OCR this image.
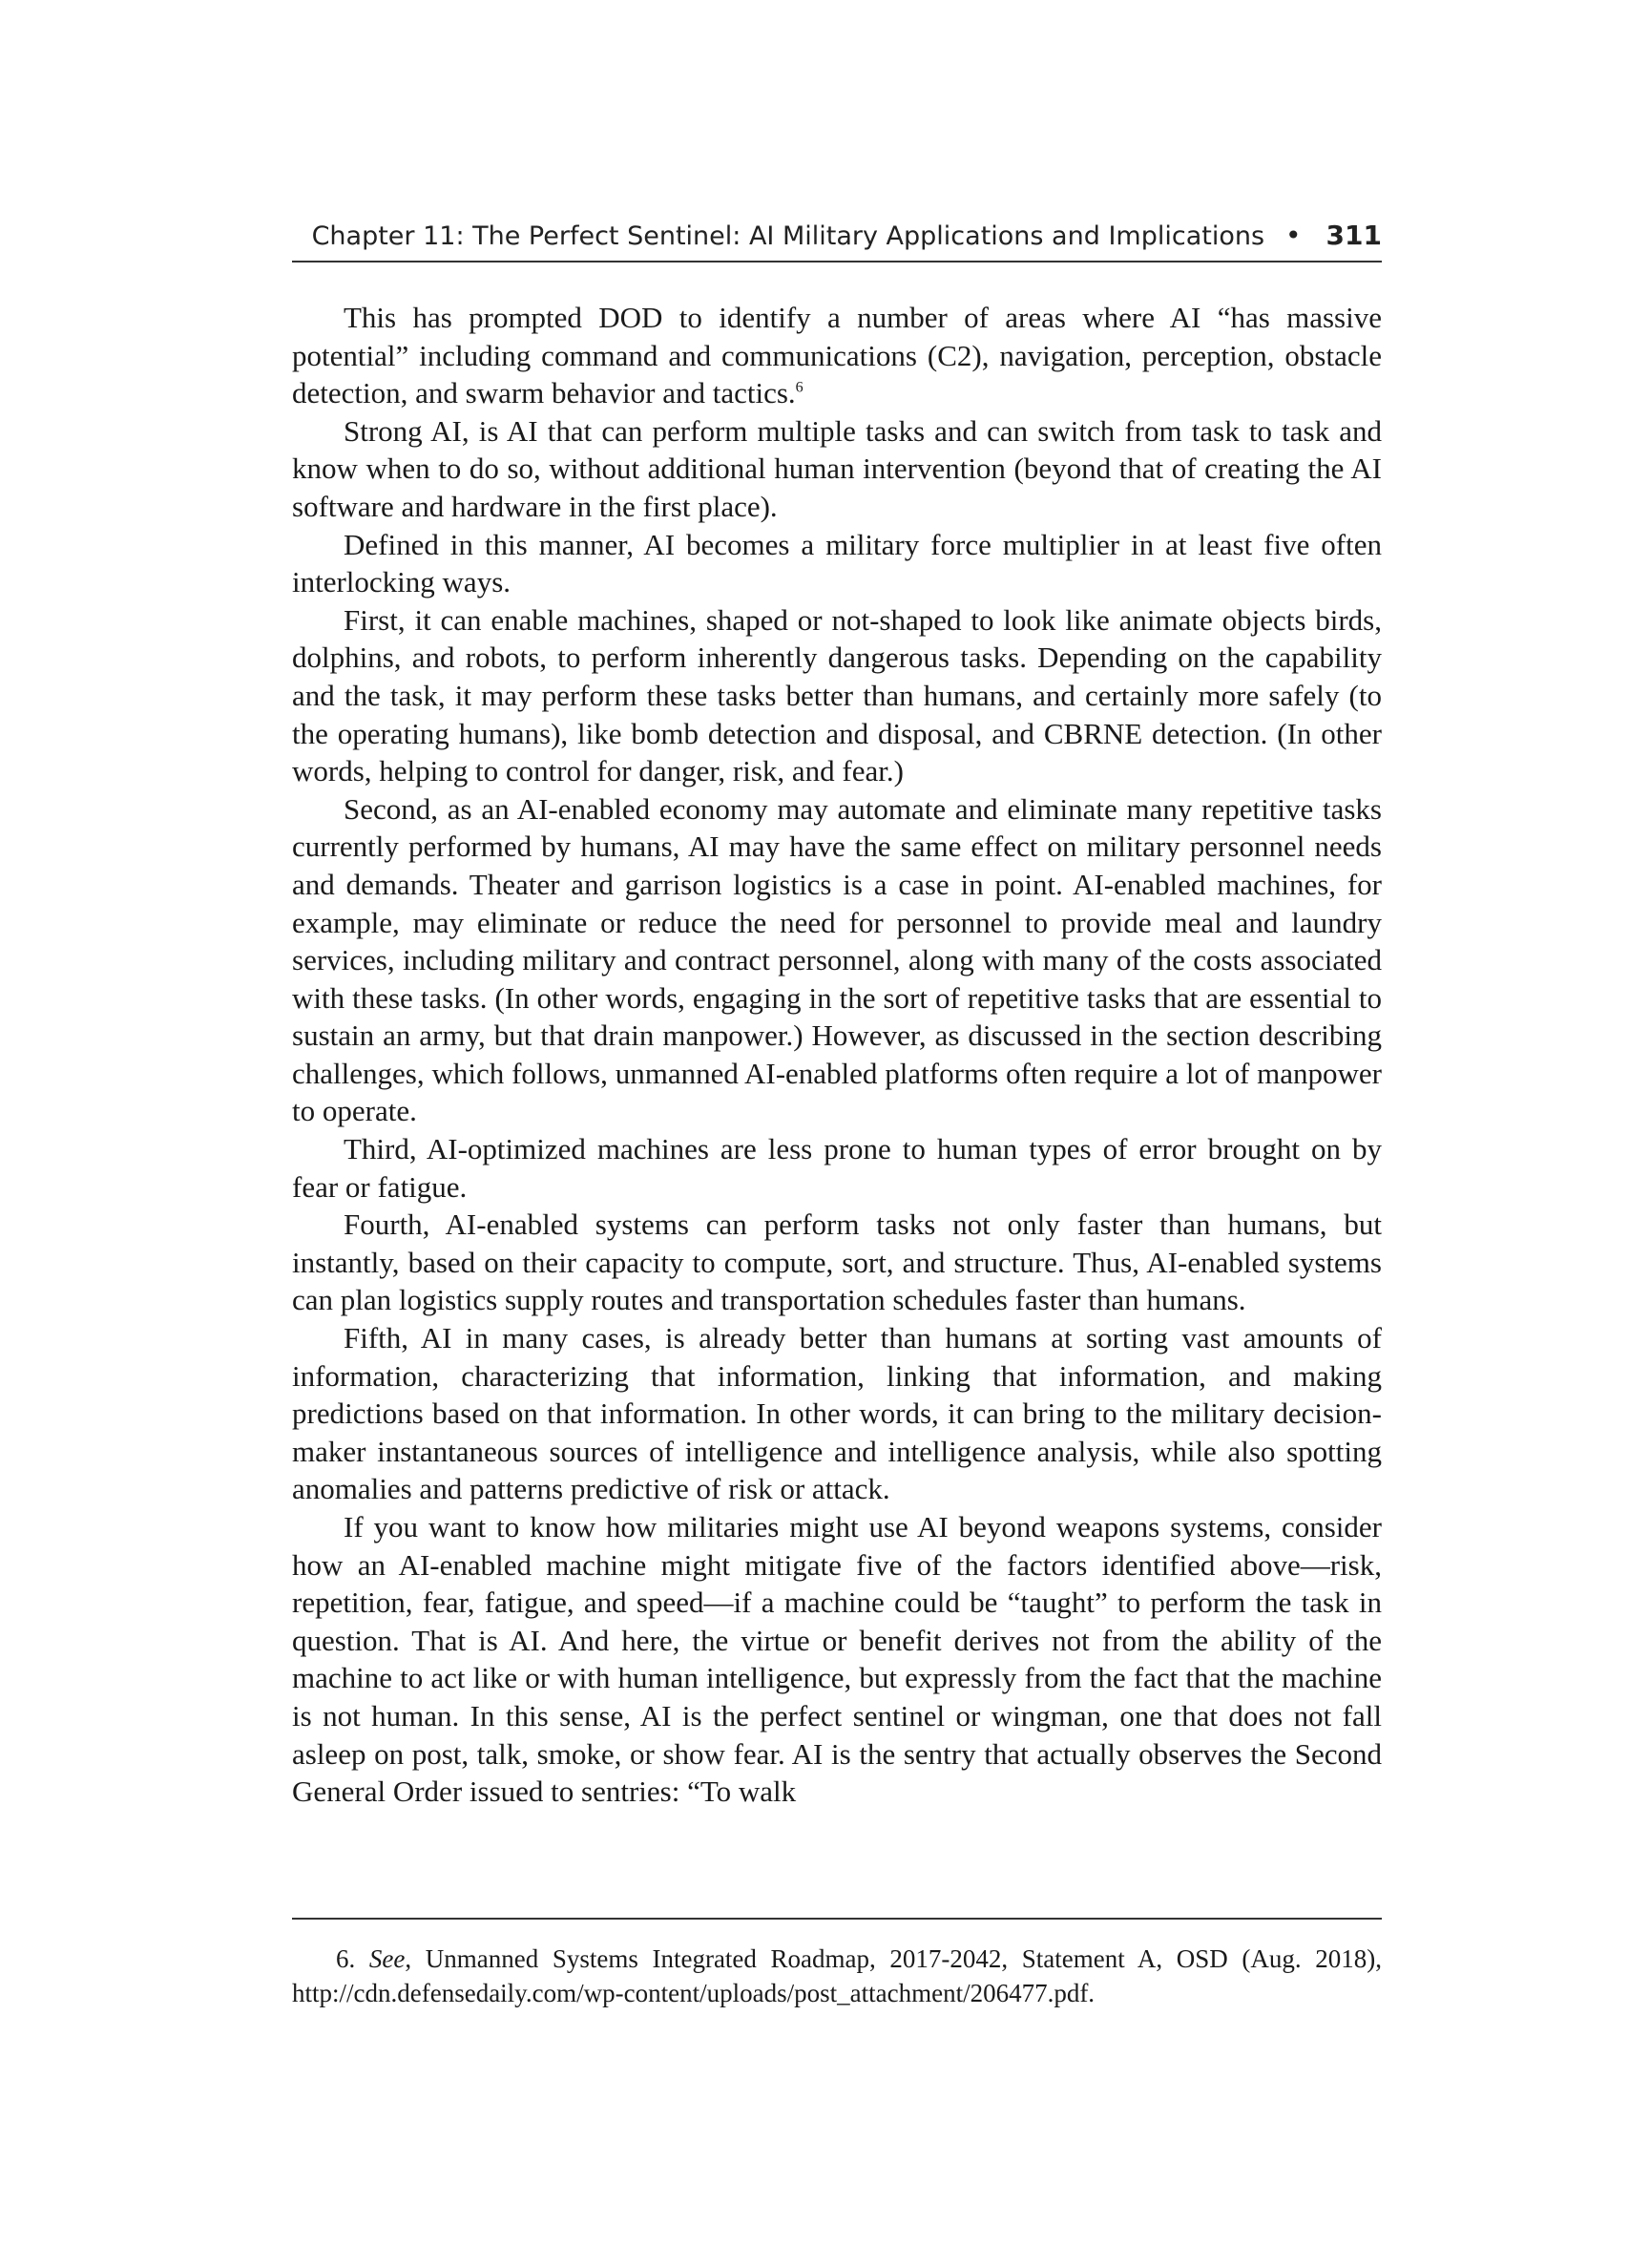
Chapter 11: The Perfect Sentinel: AI Military Applications and Implications • 311

This has prompted DOD to identify a number of areas where AI “has massive potential” including command and communications (C2), navigation, perception, obstacle detection, and swarm behavior and tactics.$^6$

Strong AI, is AI that can perform multiple tasks and can switch from task to task and know when to do so, without additional human intervention (beyond that of creating the AI software and hardware in the first place).

Defined in this manner, AI becomes a military force multiplier in at least five often interlocking ways.

First, it can enable machines, shaped or not-shaped to look like animate objects birds, dolphins, and robots, to perform inherently dangerous tasks. Depending on the capability and the task, it may perform these tasks better than humans, and certainly more safely (to the operating humans), like bomb detection and disposal, and CBRNE detection. (In other words, helping to control for danger, risk, and fear.)

Second, as an AI-enabled economy may automate and eliminate many repetitive tasks currently performed by humans, AI may have the same effect on military personnel needs and demands. Theater and garrison logistics is a case in point. AI-enabled machines, for example, may eliminate or reduce the need for personnel to provide meal and laundry services, including military and contract personnel, along with many of the costs associated with these tasks. (In other words, engaging in the sort of repetitive tasks that are essential to sustain an army, but that drain manpower.) However, as discussed in the section describing challenges, which follows, unmanned AI-enabled platforms often require a lot of manpower to operate.

Third, AI-optimized machines are less prone to human types of error brought on by fear or fatigue.

Fourth, AI-enabled systems can perform tasks not only faster than humans, but instantly, based on their capacity to compute, sort, and structure. Thus, AI-enabled systems can plan logistics supply routes and transportation schedules faster than humans.

Fifth, AI in many cases, is already better than humans at sorting vast amounts of information, characterizing that information, linking that information, and making predictions based on that information. In other words, it can bring to the military decision-maker instantaneous sources of intelligence and intelligence analysis, while also spotting anomalies and patterns predictive of risk or attack.

If you want to know how militaries might use AI beyond weapons systems, consider how an AI-enabled machine might mitigate five of the factors identified above—risk, repetition, fear, fatigue, and speed—if a machine could be “taught” to perform the task in question. That is AI. And here, the virtue or benefit derives not from the ability of the machine to act like or with human intelligence, but expressly from the fact that the machine is not human. In this sense, AI is the perfect sentinel or wingman, one that does not fall asleep on post, talk, smoke, or show fear. AI is the sentry that actually observes the Second General Order issued to sentries: “To walk

6. See, Unmanned Systems Integrated Roadmap, 2017-2042, Statement A, OSD (Aug. 2018), http://cdn.defensedaily.com/wp-content/uploads/post_attachment/206477.pdf.
